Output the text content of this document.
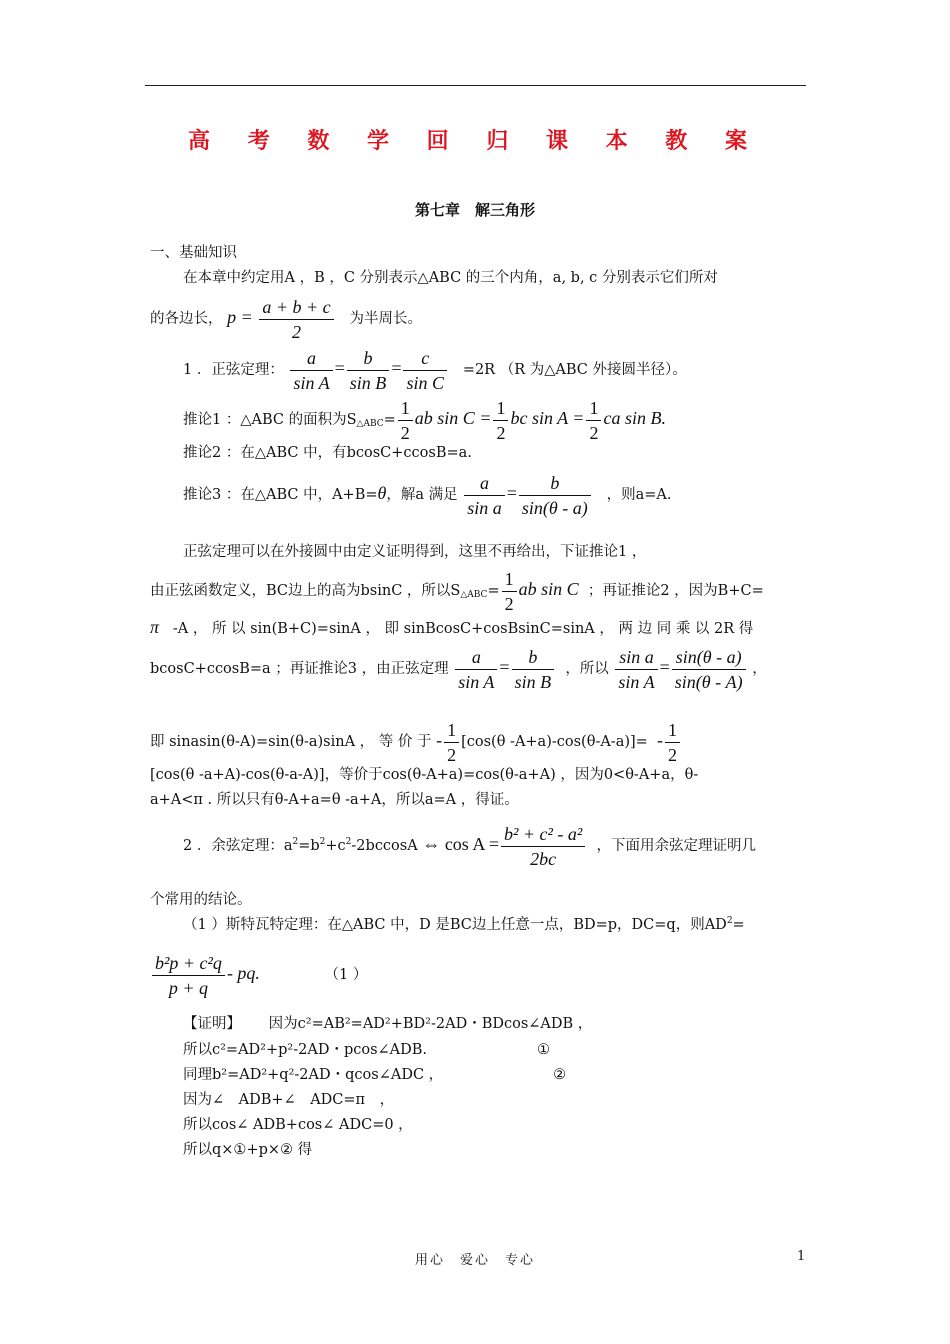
高 考 数 学 回 归 课 本 教 案
第七章　解三角形
一、基础知识
在本章中约定用A ，B ，C 分别表示△ABC 的三个内角，a, b, c 分别表示它们所对
的各边长， $p = \frac{a + b + c}{2}$ 为半周长。
1 ．正弦定理： $\frac{a}{\text{sin A}} = \frac{b}{\text{sin B}} = \frac{c}{\text{sin C}} =2R$ （R 为△ABC 外接圆半径）。
推论1 ：△ABC 的面积为$S_{\triangle ABC}= \frac{1}{2}$ ab $\sin C = \frac{1}{2}$ bc $\sin A = \frac{1}{2}$ ca sin B.
推论2 ：在△ABC 中，有bcosC+ccosB=a.
推论3 ：在△ABC 中，A+B=θ，解a 满足 $\frac{a}{\text{sin a}} = \frac{b}{\sin(\theta - a)}$ ，则a=A.
正弦定理可以在外接圆中由定义证明得到，这里不再给出，下证推论1 ，
由正弦函数定义，BC边上的高为bsinC ，所以$S_{\triangle ABC}= \frac{1}{2}$ ab sin C ；再证推论2 ，因为B+C=
π -A ， 所 以 sin(B+C)=sinA ， 即 sinBcosC+cosBsinC=sinA ， 两 边 同 乘 以 2R 得
bcosC+ccosB=a ；再证推论3 ，由正弦定理 $\frac{a}{\text{sin A}} = \frac{b}{\text{sin B}}$ ，所以 $\frac{\text{sin a}}{\text{sin A}} = \frac{\sin(\theta - a)}{\sin(\theta - A)}$ ，
即 sinasin(θ-A)=sin(θ-a)sinA ， 等 价 于 - $\frac{1}{2} [\cos(\theta$ $-A+a)-\cos(\theta-A-a)]= - \frac{1}{2}$
[cos(θ -a+A)-cos(θ-a-A)]，等价于cos(θ-A+a)=cos(θ-a+A) ，因为0<θ-A+a，θ-
a+A<π . 所以只有θ-A+a=θ -a+A，所以a=A ，得证。
2 ．余弦定理：$a^2=b^2+c^2-2bccosA$ ⇔ $\cos A = \frac{\text{b² + c² - a²}}{2bc}$ ，下面用余弦定理证明几
个常用的结论。
（1 ）斯特瓦特定理：在△ABC 中，D 是BC边上任意一点，BD=p，DC=q，则$AD^2=$
$\frac{\text{b²p + c²q}}{p + q}$ - pq.	（1 ）
【证明】 因为c²=AB²=AD²+BD²-2AD・BDcos∠ADB ，
所以c²=AD²+p²-2AD・pcos∠ADB.	①
同理b²=AD²+q²-2AD・qcos∠ADC ，	②
因为∠　ADB+∠　ADC=π　，
所以cos∠ ADB+cos∠ ADC=0 ，
所以q×①+p×② 得
用心　爱心　专心	1
